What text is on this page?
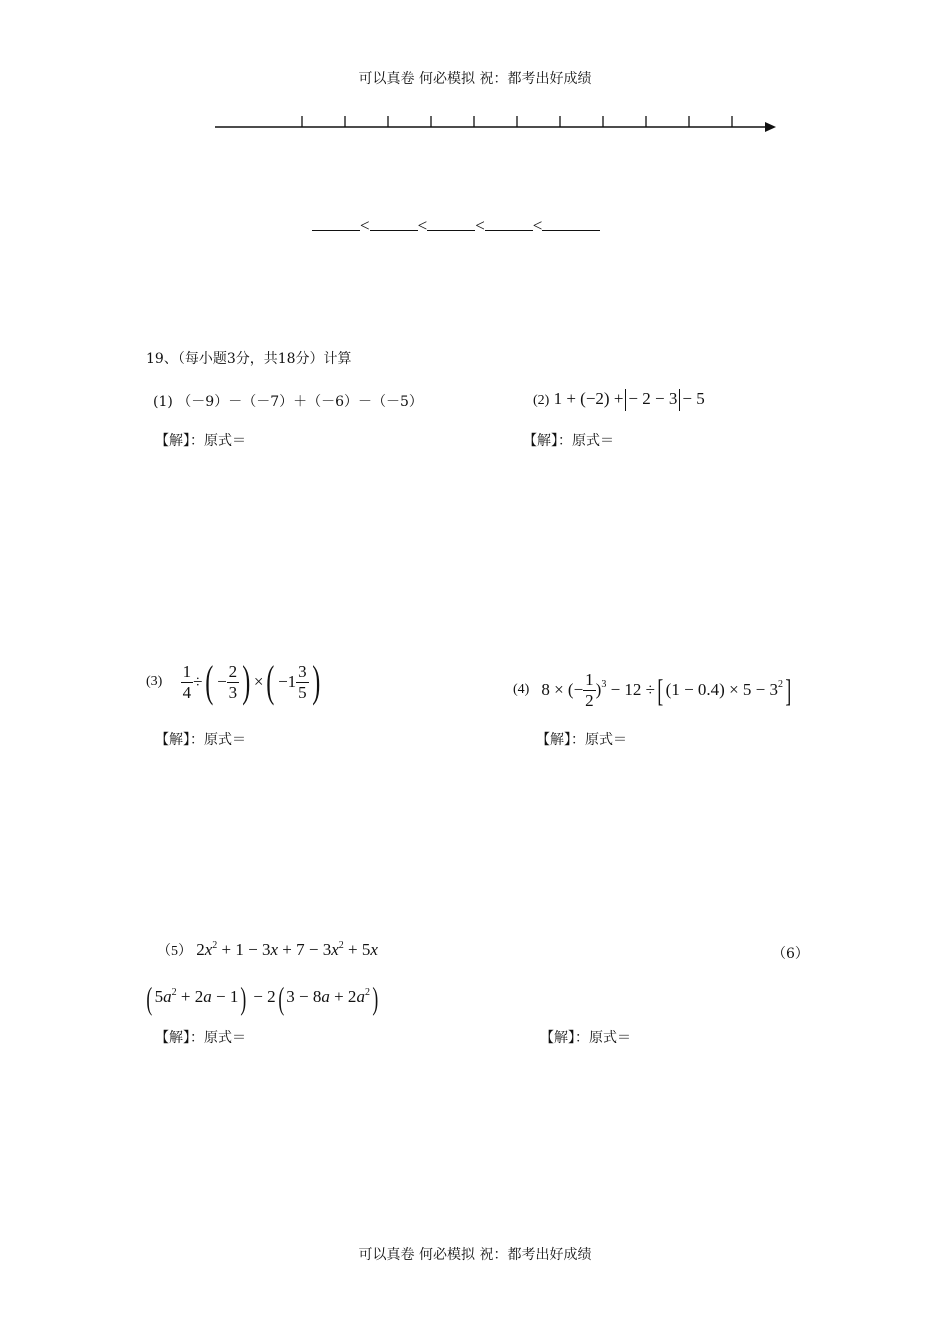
可以真卷 何必模拟 祝：都考出好成绩
<	<	<	<
19、（每小题3分，共18分）计算
(1) （－9）－（－7）＋（－6）－（－5）
【解】：原式＝
(2) 1 + (−2) + − 2 − 3 − 5
【解】：原式＝
$(3) \frac{1}{4}$ ÷( − $\frac{2}{3}$ ) ×( $-1 \frac{3}{5}$ )
【解】：原式＝
(4) 8 × (− $\frac{1}{2} )^3 - 12$ ÷[ $(1 - 0.4) \times 5 - 3^2$]
【解】：原式＝
（5） $2x^2 + 1 - 3x + 7 - 3x^2 + 5x$	（6）
( $5a^2 + 2a - 1) - 2$( $3 - 8a + 2a^2$)
【解】：原式＝	【解】：原式＝
可以真卷 何必模拟 祝：都考出好成绩
